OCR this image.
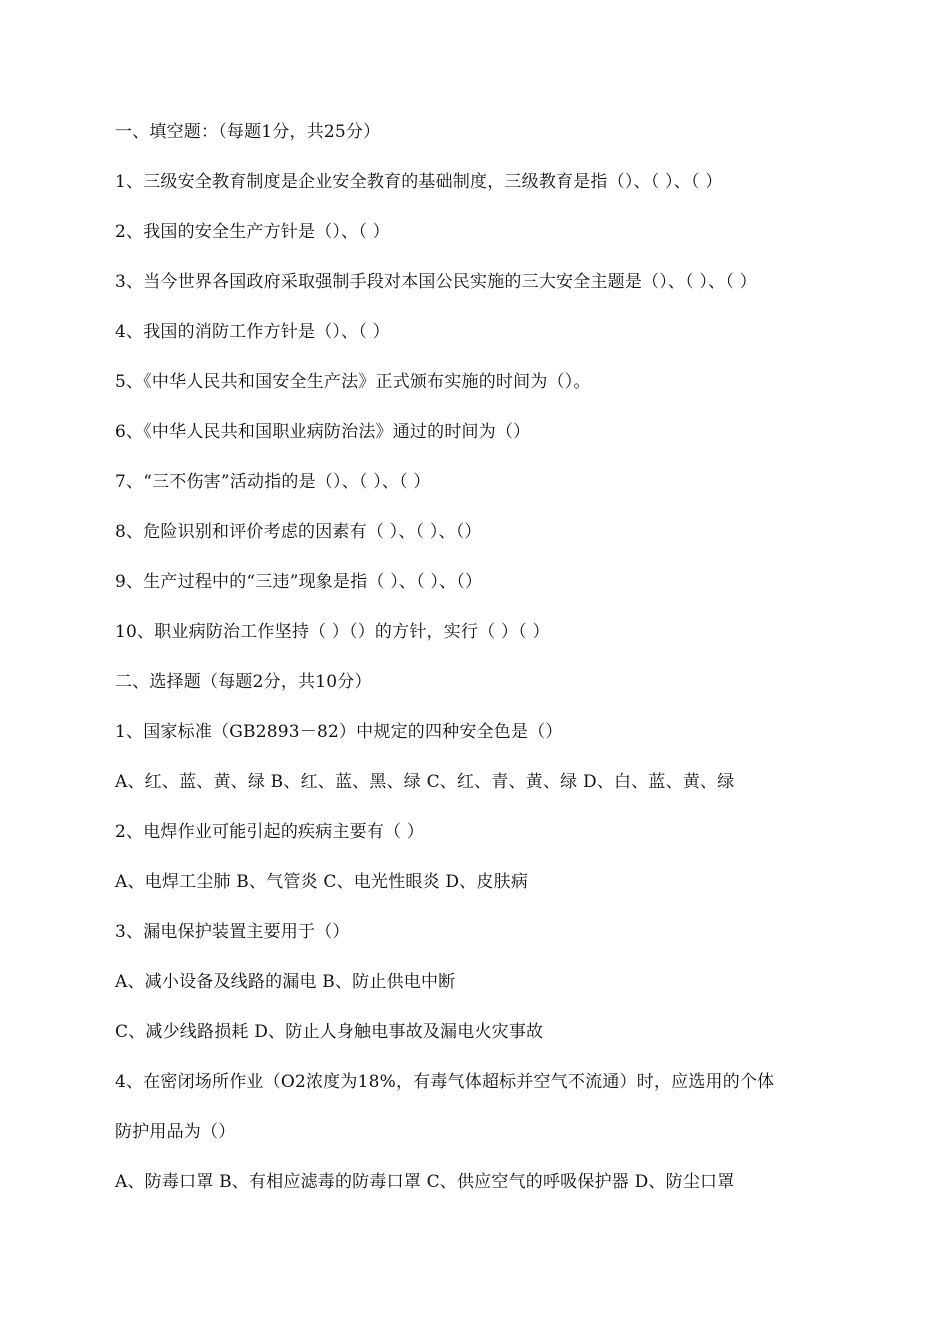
一、填空题：（每题1分，共25分）
1、三级安全教育制度是企业安全教育的基础制度，三级教育是指（）、（ ）、（ ）
2、我国的安全生产方针是（）、（ ）
3、当今世界各国政府采取强制手段对本国公民实施的三大安全主题是（）、（ ）、（ ）
4、我国的消防工作方针是（）、（ ）
5、《中华人民共和国安全生产法》正式颁布实施的时间为（）。
6、《中华人民共和国职业病防治法》通过的时间为（）
7、“三不伤害”活动指的是（）、（ ）、（ ）
8、危险识别和评价考虑的因素有（ ）、（ ）、（）
9、生产过程中的“三违”现象是指（ ）、（ ）、（）
10、职业病防治工作坚持（ ）（）的方针，实行（ ）（ ）
二、选择题（每题2分，共10分）
1、国家标准（GB2893－82）中规定的四种安全色是（）
A、红、蓝、黄、绿 B、红、蓝、黑、绿 C、红、青、黄、绿 D、白、蓝、黄、绿
2、电焊作业可能引起的疾病主要有（ ）
A、电焊工尘肺 B、气管炎 C、电光性眼炎 D、皮肤病
3、漏电保护装置主要用于（）
A、减小设备及线路的漏电 B、防止供电中断
C、减少线路损耗 D、防止人身触电事故及漏电火灾事故
4、在密闭场所作业（O2浓度为18%，有毒气体超标并空气不流通）时，应选用的个体
防护用品为（）
A、防毒口罩 B、有相应滤毒的防毒口罩 C、供应空气的呼吸保护器 D、防尘口罩
